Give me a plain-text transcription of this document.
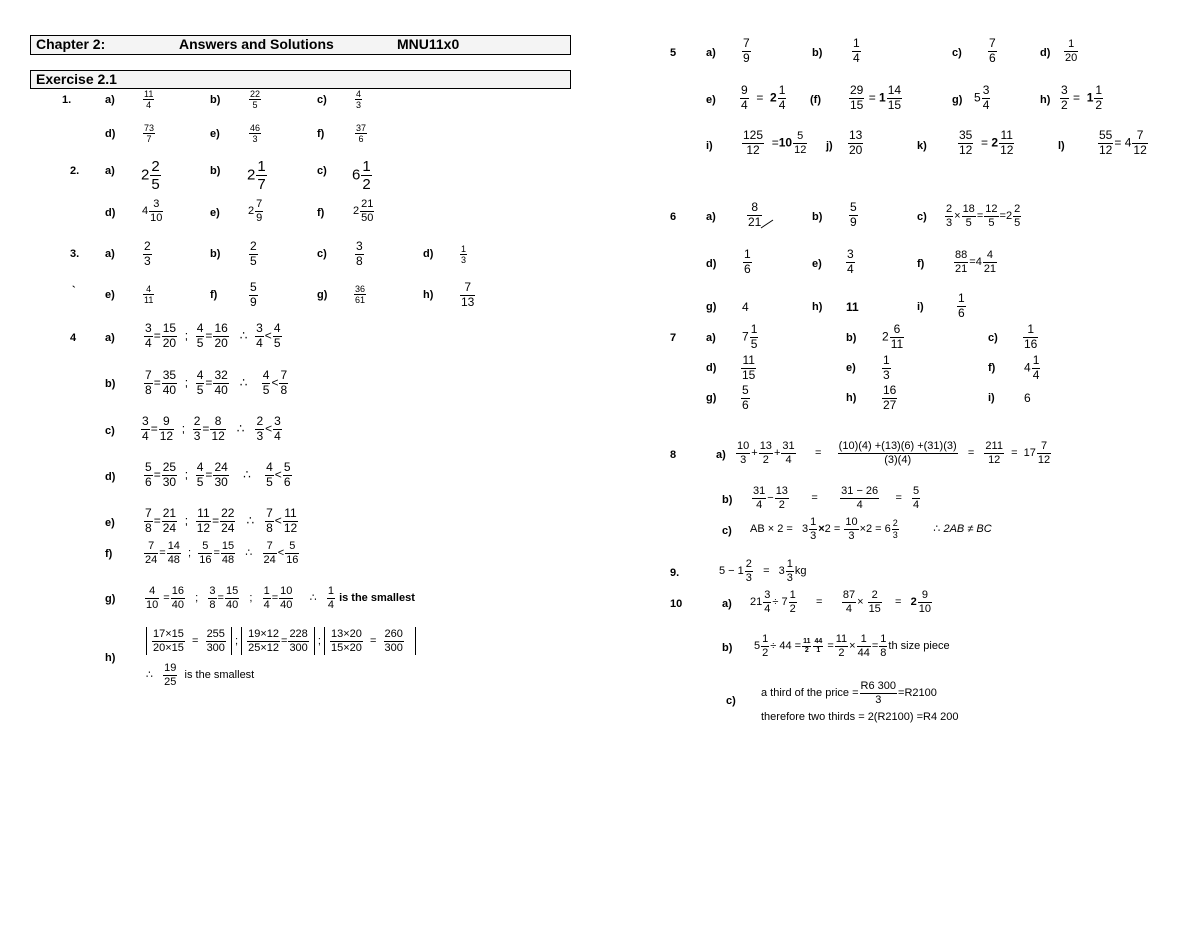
Chapter 2:	Answers and Solutions	MNU11x0
Exercise 2.1
1.	a)	$\frac{11}{4}$	b)	$\frac{22}{5}$	c)	$\frac{4}{3}$
d)	$\frac{73}{7}$	e)	$\frac{46}{3}$	f)	$\frac{37}{6}$
2. a) $2 \frac{2}{5}$	b) $2 \frac{1}{7}$	c) $6 \frac{1}{2}$
d) $4 \frac{3}{10}$	e)	$2 \frac{7}{9}$	f)	$2 \frac{21}{50}$
3. $a) \frac{2}{3}$	$b) \frac{2}{5}$	$c) \frac{3}{8}$	d)	$\frac{1}{3}$
`	e)	$\frac{4}{11}$	f)	$\frac{5}{9}$	g)	$\frac{36}{61}$	$h) \frac{7}{13}$
4	$a) \frac{3}{4} = \frac{15}{20}$ ; $\frac{4}{5} = \frac{16}{20}$ ∴ $\frac{3}{4} < \frac{4}{5}$
$b) \frac{7}{8} = \frac{35}{40}$ ; $\frac{4}{5} = \frac{32}{40}$ ∴ $\frac{4}{5} < \frac{7}{8}$
$c) \frac{3}{4} = \frac{9}{12}$ ; $\frac{2}{3} = \frac{8}{12}$ ∴ $\frac{2}{3} < \frac{3}{4}$
$d) \frac{5}{6} = \frac{25}{30}$ ; $\frac{4}{5} = \frac{24}{30}$ ∴ $\frac{4}{5} < \frac{5}{6}$
$e) \frac{7}{8} = \frac{21}{24}$ ; $\frac{11}{12} = \frac{22}{24}$ ∴ $\frac{7}{8} < \frac{11}{12}$
f)	$\frac{7}{24} = \frac{14}{48}$ ; $\frac{5}{16} = \frac{15}{48}$ ∴ $\frac{7}{24} < \frac{5}{16}$
g)	$\frac{4}{10} = \frac{16}{40}$ ; $\frac{3}{8} = \frac{15}{40}$ ; $\frac{1}{4} = \frac{10}{40}$ ∴ $\frac{1}{4}$ is the smallest
h)
$\frac{17\times 15}{20\times 15} = \frac{255}{300}$ ; $\frac{19\times 12}{25\times 12} = \frac{228}{300}$ ; $\frac{13\times 20}{15\times 20} = \frac{260}{300}$

∴ $\frac{19}{25}$ is the smallest
5	$a) \frac{7}{9}$	$b) \frac{1}{4}$	$c) \frac{7}{6}$	$d) \frac{1}{20}$
$e) \frac{9}{4} = 2 \frac{1}{4} (f) \frac{29}{15} = 1 \frac{14}{15}$	g) $5 \frac{3}{4}$	$h) \frac{3}{2} = 1 \frac{1}{2}$
$i) \frac{125}{12} =10 \frac{5}{12} j) \frac{13}{20}$	k)	$\frac{35}{12} = 2 \frac{11}{12}$	l)	$\frac{55}{12} = 4 \frac{7}{12}$
6	a)	$\frac{8}{21}$	$b) \frac{5}{9}$	$c) \frac{2}{3} \times \frac{18}{5} = \frac{12}{5} =2 \frac{2}{5}$
$d) \frac{1}{6}$	$e) \frac{3}{4}$	f)	$\frac{88}{21} =4 \frac{4}{21}$
g) 4	h) 11	i)	$\frac{1}{6}$
7	a) $7 \frac{1}{5}$	b) $2 \frac{6}{11}$	$c) \frac{1}{16}$
$d) \frac{11}{15}$	$e) \frac{1}{3}$	f) $4 \frac{1}{4}$
$g) \frac{5}{6}$	$h) \frac{16}{27}$	i) 6
8	$a) \frac{10}{3} + \frac{13}{2} + \frac{31}{4} = \frac{(10)(4) +(13)(6) +(31)(3)}{(3)(4)} = \frac{211}{12} = 17 \frac{7}{12}$
$b) \frac{31}{4} - \frac{13}{2} = \frac{31 - 26}{4} = \frac{5}{4}$
c) AB × $2 = 3 \frac{1}{3} \times 2 = \frac{10}{3} \times 2 = 6 \frac{2}{3}$	∴ 2AB ≠ BC
9.	$5 - 1 \frac{2}{3} = 3 \frac{1}{3}$ kg
10	a) $21 \frac{3}{4} \div 7 \frac{1}{2} = \frac{87}{4} \times \frac{2}{15} = 2 \frac{9}{10}$
b) $5 \frac{1}{2} \div 44 = \frac{11}{2} \frac{44}{1} = \frac{11}{2} \times \frac{1}{44} = \frac{1}{8}$ th size piece
c)
a third of the price = $\frac{R6 300}{3} =R2100$
therefore two thirds = 2(R2100) =R4 200
